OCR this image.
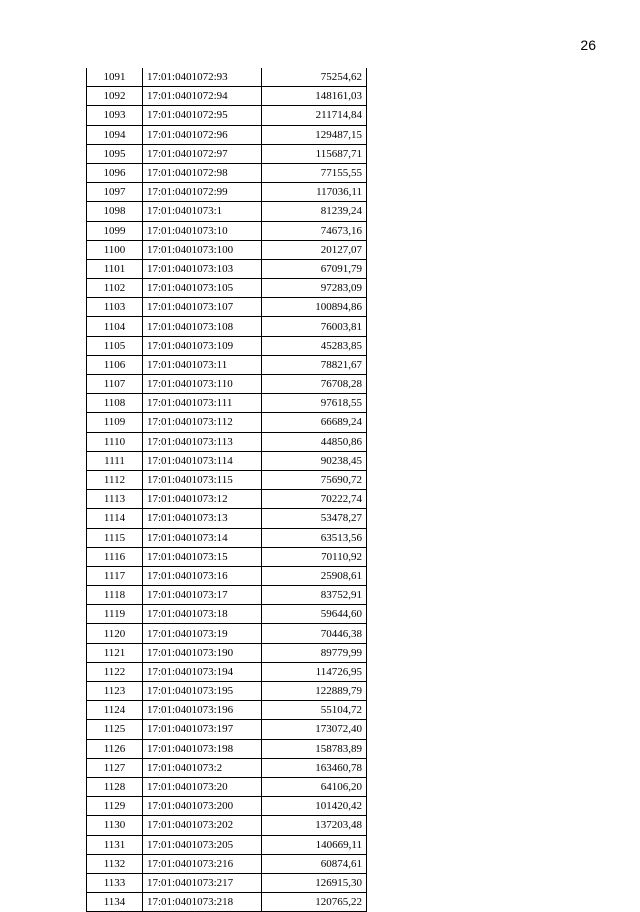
26
1091	17:01:0401072:93	75254,62
1092	17:01:0401072:94	148161,03
1093	17:01:0401072:95	211714,84
1094	17:01:0401072:96	129487,15
1095	17:01:0401072:97	115687,71
1096	17:01:0401072:98	77155,55
1097	17:01:0401072:99	117036,11
1098	17:01:0401073:1	81239,24
1099	17:01:0401073:10	74673,16
1100	17:01:0401073:100	20127,07
1101	17:01:0401073:103	67091,79
1102	17:01:0401073:105	97283,09
1103	17:01:0401073:107	100894,86
1104	17:01:0401073:108	76003,81
1105	17:01:0401073:109	45283,85
1106	17:01:0401073:11	78821,67
1107	17:01:0401073:110	76708,28
1108	17:01:0401073:111	97618,55
1109	17:01:0401073:112	66689,24
1110	17:01:0401073:113	44850,86
1111	17:01:0401073:114	90238,45
1112	17:01:0401073:115	75690,72
1113	17:01:0401073:12	70222,74
1114	17:01:0401073:13	53478,27
1115	17:01:0401073:14	63513,56
1116	17:01:0401073:15	70110,92
1117	17:01:0401073:16	25908,61
1118	17:01:0401073:17	83752,91
1119	17:01:0401073:18	59644,60
1120	17:01:0401073:19	70446,38
1121	17:01:0401073:190	89779,99
1122	17:01:0401073:194	114726,95
1123	17:01:0401073:195	122889,79
1124	17:01:0401073:196	55104,72
1125	17:01:0401073:197	173072,40
1126	17:01:0401073:198	158783,89
1127	17:01:0401073:2	163460,78
1128	17:01:0401073:20	64106,20
1129	17:01:0401073:200	101420,42
1130	17:01:0401073:202	137203,48
1131	17:01:0401073:205	140669,11
1132	17:01:0401073:216	60874,61
1133	17:01:0401073:217	126915,30
1134	17:01:0401073:218	120765,22
